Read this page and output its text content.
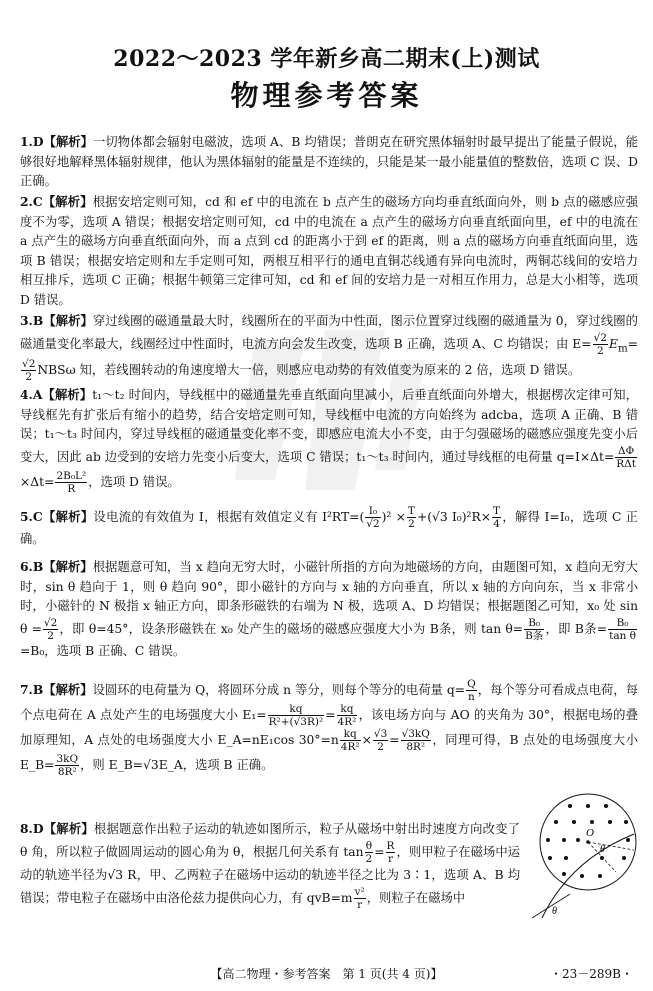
2022～2023 学年新乡高二期末(上)测试
物理参考答案
1.D【解析】一切物体都会辐射电磁波，选项 A、B 均错误；普朗克在研究黑体辐射时最早提出了能量子假说，能够很好地解释黑体辐射规律，他认为黑体辐射的能量是不连续的，只能是某一最小能量值的整数倍，选项 C 误、D 正确。
2.C【解析】根据安培定则可知，cd 和 ef 中的电流在 b 点产生的磁场方向均垂直纸面向外，则 b 点的磁感应强度不为零，选项 A 错误；根据安培定则可知，cd 中的电流在 a 点产生的磁场方向垂直纸面向里，ef 中的电流在 a 点产生的磁场方向垂直纸面向外，而 a 点到 cd 的距离小于到 ef 的距离，则 a 点的磁场方向垂直纸面向里，选项 B 错误；根据安培定则和左手定则可知，两根互相平行的通电直铜芯线通有异向电流时，两铜芯线间的安培力相互排斥，选项 C 正确；根据牛顿第三定律可知，cd 和 ef 间的安培力是一对相互作用力，总是大小相等，选项 D 错误。
3.B【解析】穿过线圈的磁通量最大时，线圈所在的平面为中性面，图示位置穿过线圈的磁通量为 0，穿过线圈的磁通量变化率最大，线圈经过中性面时，电流方向会发生改变，选项 B 正确，选项 A、C 均错误；由 $E= \frac{√2}{2} E_m=$
$\frac{√2}{2}$ NBSω 知，若线圈转动的角速度增大一倍，则感应电动势的有效值变为原来的 2 倍，选项 D 错误。
4.A【解析】t₁～t₂ 时间内，导线框中的磁通量先垂直纸面向里减小，后垂直纸面向外增大，根据楞次定律可知，导线框先有扩张后有缩小的趋势，结合安培定则可知，导线框中电流的方向始终为 adcba，选项 A 正确、B 错误；t₁～t₃ 时间内，穿过导线框的磁通量变化率不变，即感应电流大小不变，由于匀强磁场的磁感应强度先变小后变大，因此 ab 边受到的安培力先变小后变大，选项 C 错误；t₁～t₃ 时间内，通过导线框的电荷量 $q=I\times\Delta t= \frac{\Delta\Phi}{\text{RΔt}}$
$\times\Delta t= \frac{\text{2B₀L²}}{R}$ ，选项 D 错误。
5.C【解析】设电流的有效值为 I，根据有效值定义有 $I^2RT=( \frac{\text{I₀}}{√2} )^2 \times \frac{T}{2} +(√3$ $I_0)^2R\times \frac{T}{4}$ ，解得 I=I₀，选项 C 正确。
6.B【解析】根据题意可知，当 x 趋向无穷大时，小磁针所指的方向为地磁场的方向，由题图可知，x 趋向无穷大时，sin θ 趋向于 1，则 θ 趋向 90°，即小磁针的方向与 x 轴的方向垂直，所以 x 轴的方向向东，当 x 非常小时，小磁针的 N 极指 x 轴正方向，即条形磁铁的右端为 N 极，选项 A、D 均错误；根据题图乙可知，x₀ 处 $\sin \theta = \frac{√2}{2}$ ，即 θ=45°，设条形磁铁在 x₀ 处产生的磁场的磁感应强度大小为 B条，则 $\tan \theta= \frac{\text{B₀}}{\text{B条}}$ ，即 B条= $\frac{\text{B₀}}{\text{tan θ}}$
=B₀，选项 B 正确、C 错误。
7.B【解析】设圆环的电荷量为 Q，将圆环分成 n 等分，则每个等分的电荷量 $q= \frac{Q}{n}$ ，每个等分可看成点电荷，每个点电荷在 A 点处产生的电场强度大小 $E_1= \frac{kq}{\text{R²+(√3R)²}} = \frac{kq}{\text{4R²}}$ ，该电场方向与 AO 的夹角为 30°，根据电场的叠加原理知，A 点处的电场强度大小 E_A=nE₁cos $30^\circ=n \frac{kq}{\text{4R²}} \times \frac{√3}{2} = \frac{√3kQ}{\text{8R²}}$ ，同理可得，B 点处的电场强度大小 E_B= $\frac{3kQ}{\text{8R²}}$ ，则 E_B=√3E_A，选项 B 正确。
8.D【解析】根据题意作出粒子运动的轨迹如图所示，粒子从磁场中射出时速度方向改变了 θ 角，所以粒子做圆周运动的圆心角为 θ，根据几何关系有 $\tan \frac{\theta}{2} = \frac{R}{r}$ ，则甲粒子在磁场中运动的轨迹半径为√3 R，甲、乙两粒子在磁场中运动的轨迹半径之比为 3∶1，选项 A、B 均错误；带电粒子在磁场中由洛伦兹力提供向心力，有 $qvB=m \frac{\text{v²}}{r}$ ，则粒子在磁场中
O
θ
θ
【高二物理・参考答案　第 1 页(共 4 页)】	・23－289B・
